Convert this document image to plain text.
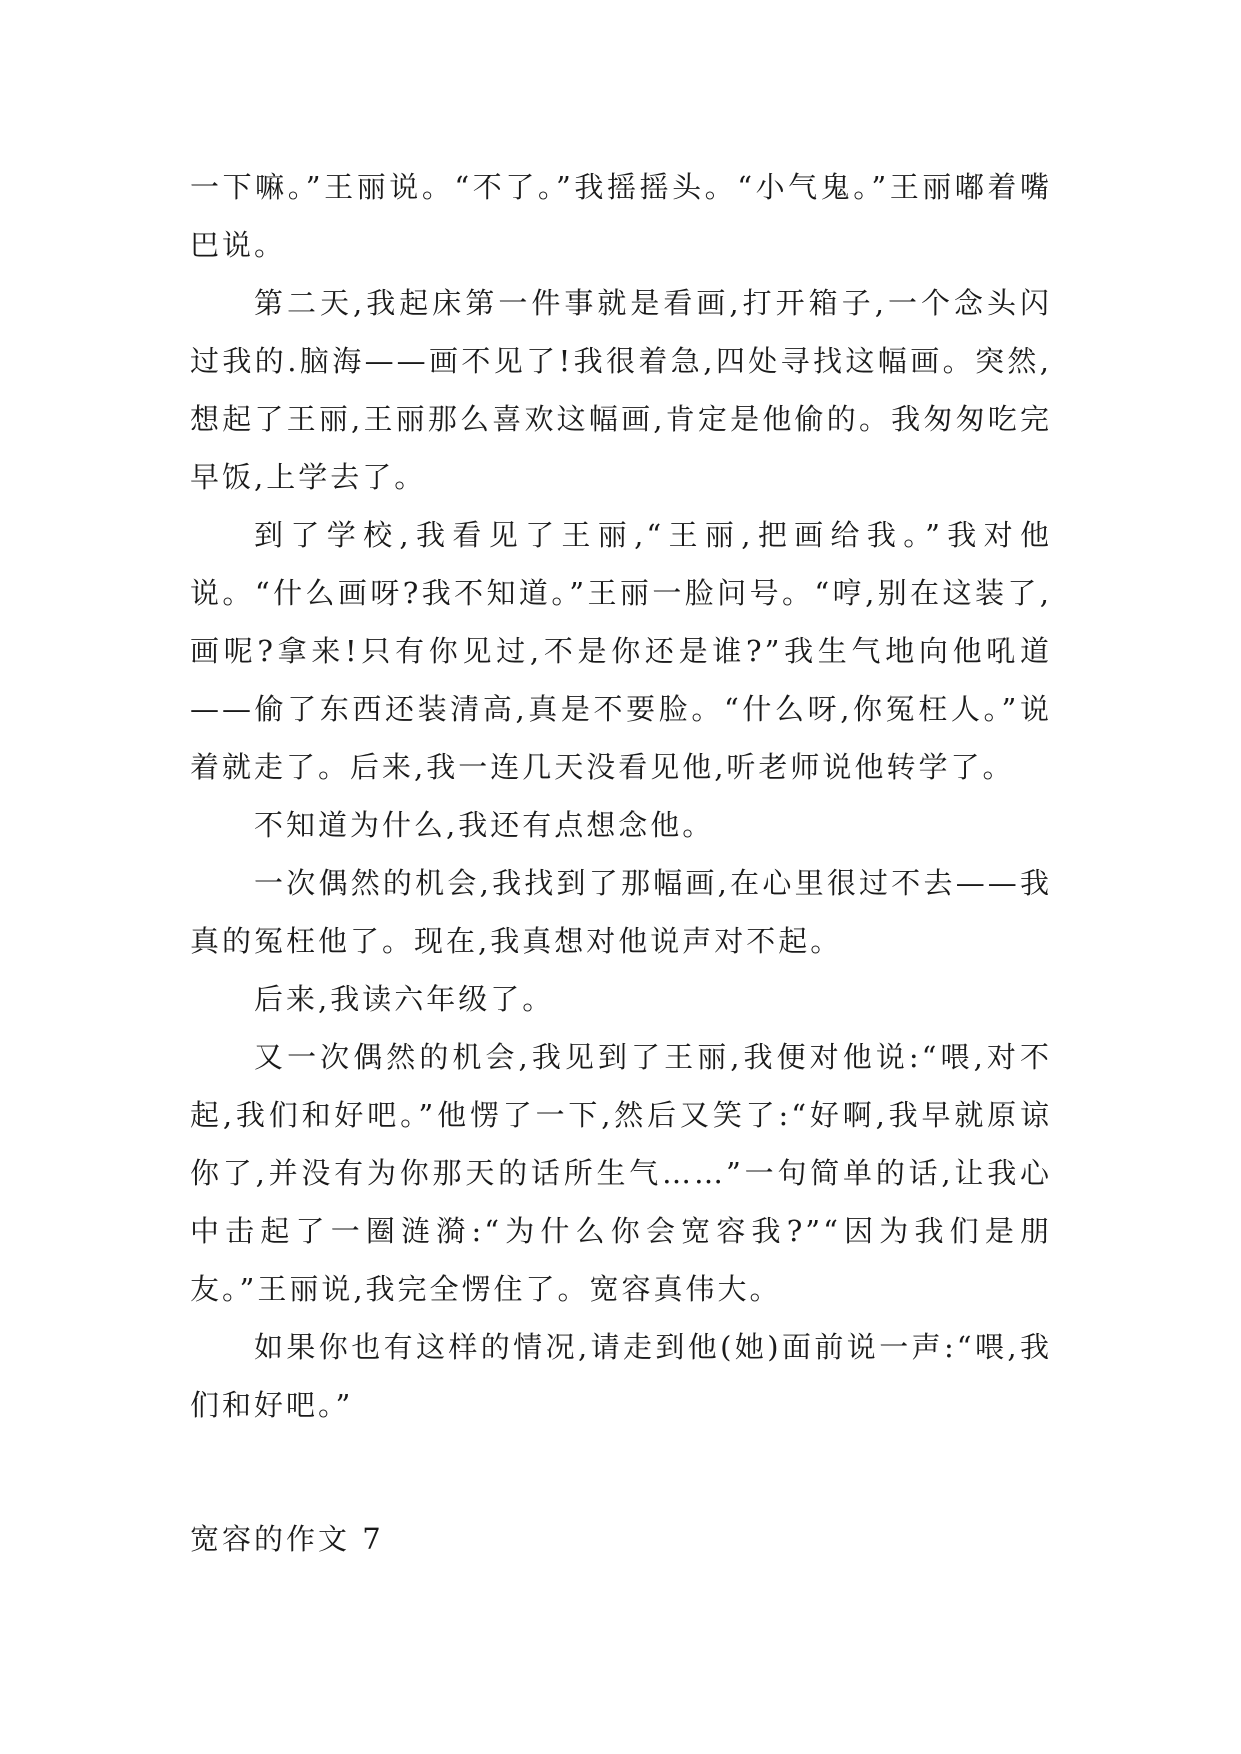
一下嘛。”王丽说。“不了。”我摇摇头。“小气鬼。”王丽嘟着嘴巴说。

第二天,我起床第一件事就是看画,打开箱子,一个念头闪过我的.脑海——画不见了!我很着急,四处寻找这幅画。突然,想起了王丽,王丽那么喜欢这幅画,肯定是他偷的。我匆匆吃完早饭,上学去了。

到了学校,我看见了王丽,“王丽,把画给我。”我对他说。“什么画呀?我不知道。”王丽一脸问号。“哼,别在这装了,画呢?拿来!只有你见过,不是你还是谁?”我生气地向他吼道——偷了东西还装清高,真是不要脸。“什么呀,你冤枉人。”说着就走了。后来,我一连几天没看见他,听老师说他转学了。

不知道为什么,我还有点想念他。

一次偶然的机会,我找到了那幅画,在心里很过不去——我真的冤枉他了。现在,我真想对他说声对不起。

后来,我读六年级了。

又一次偶然的机会,我见到了王丽,我便对他说:“喂,对不起,我们和好吧。”他愣了一下,然后又笑了:“好啊,我早就原谅你了,并没有为你那天的话所生气……”一句简单的话,让我心中击起了一圈涟漪:“为什么你会宽容我?”“因为我们是朋友。”王丽说,我完全愣住了。宽容真伟大。

如果你也有这样的情况,请走到他(她)面前说一声:“喂,我们和好吧。”

宽容的作文 7
